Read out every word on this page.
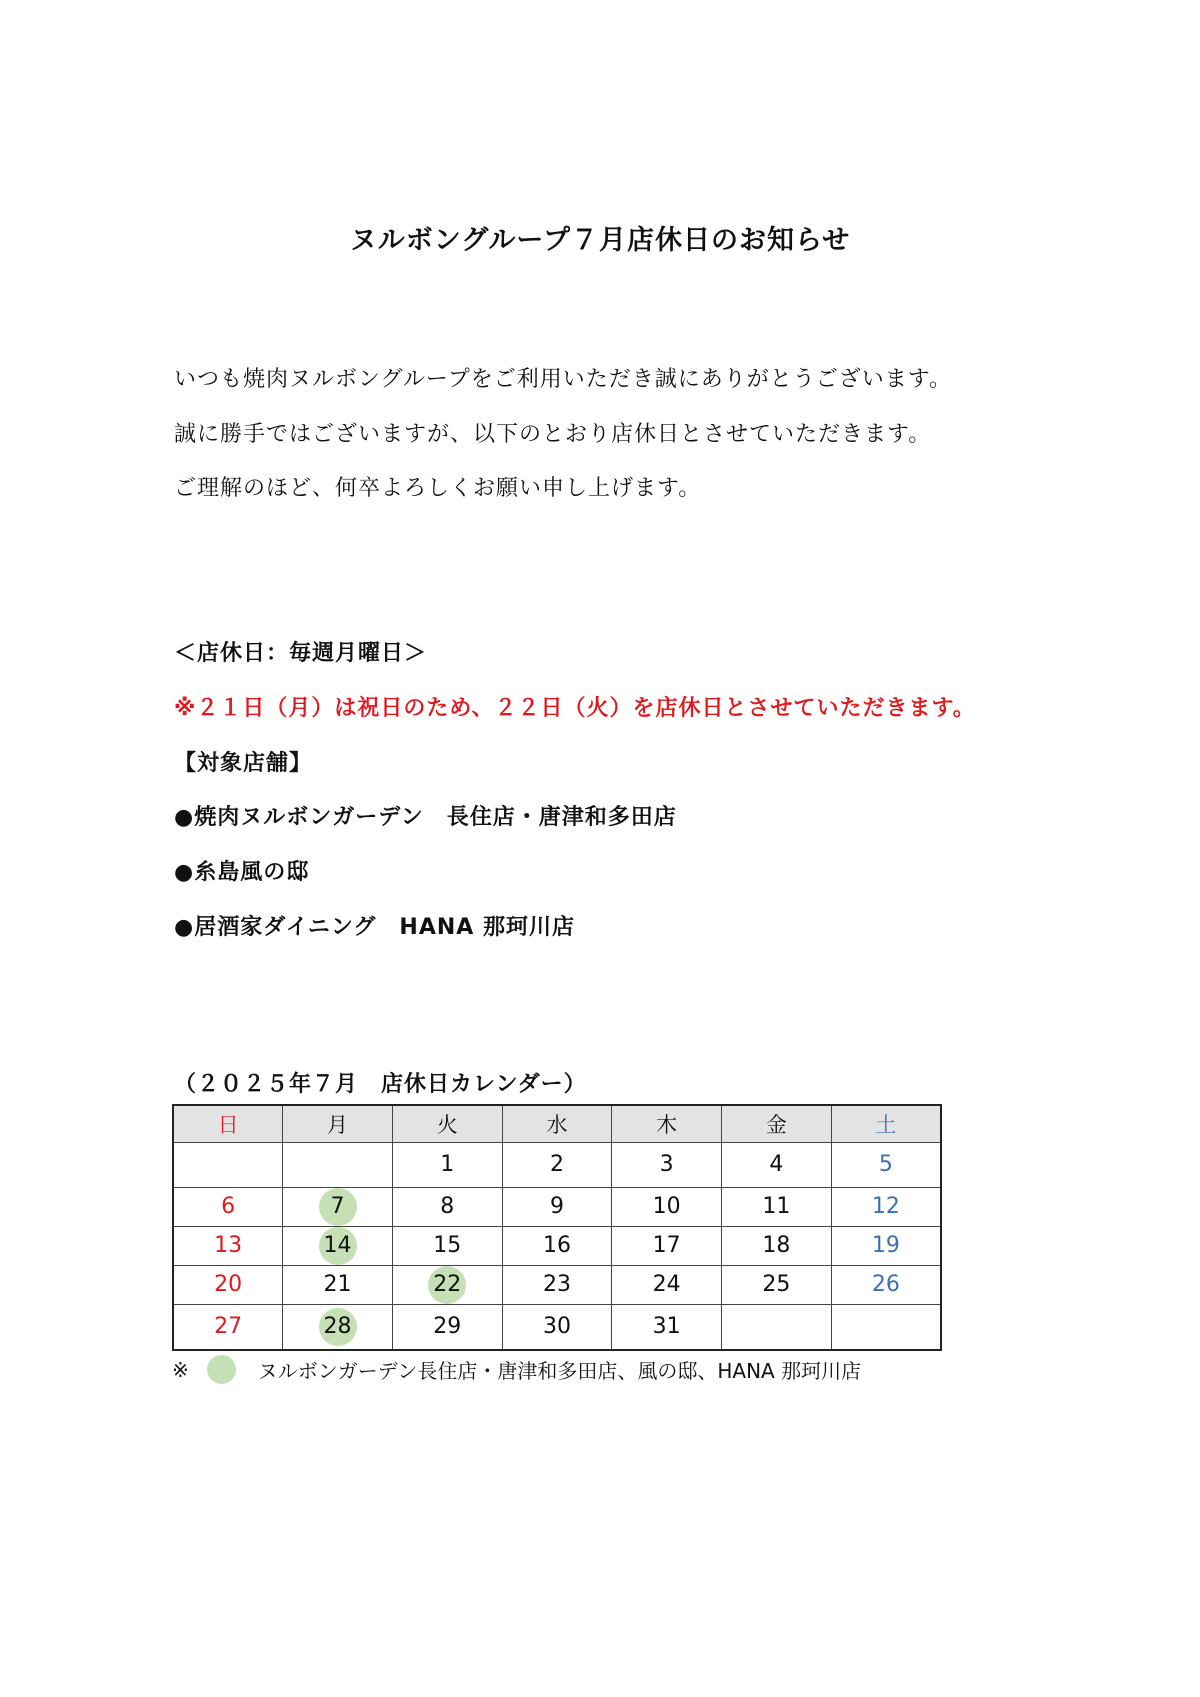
ヌルボングループ７月店休日のお知らせ
いつも焼肉ヌルボングループをご利用いただき誠にありがとうございます。
誠に勝手ではございますが、以下のとおり店休日とさせていただきます。
ご理解のほど、何卒よろしくお願い申し上げます。
＜店休日：毎週月曜日＞
※２１日（月）は祝日のため、２２日（火）を店休日とさせていただきます。
【対象店舗】
●焼肉ヌルボンガーデン　長住店・唐津和多田店
●糸島風の邸
●居酒家ダイニング　HANA 那珂川店
（２０２５年７月　店休日カレンダー）
日	月	火	水	木	金	土
		1	2	3	4	5
6	7	8	9	10	11	12
13	14	15	16	17	18	19
20	21	22	23	24	25	26
27	28	29	30	31		
※	ヌルボンガーデン長住店・唐津和多田店、風の邸、HANA 那珂川店
